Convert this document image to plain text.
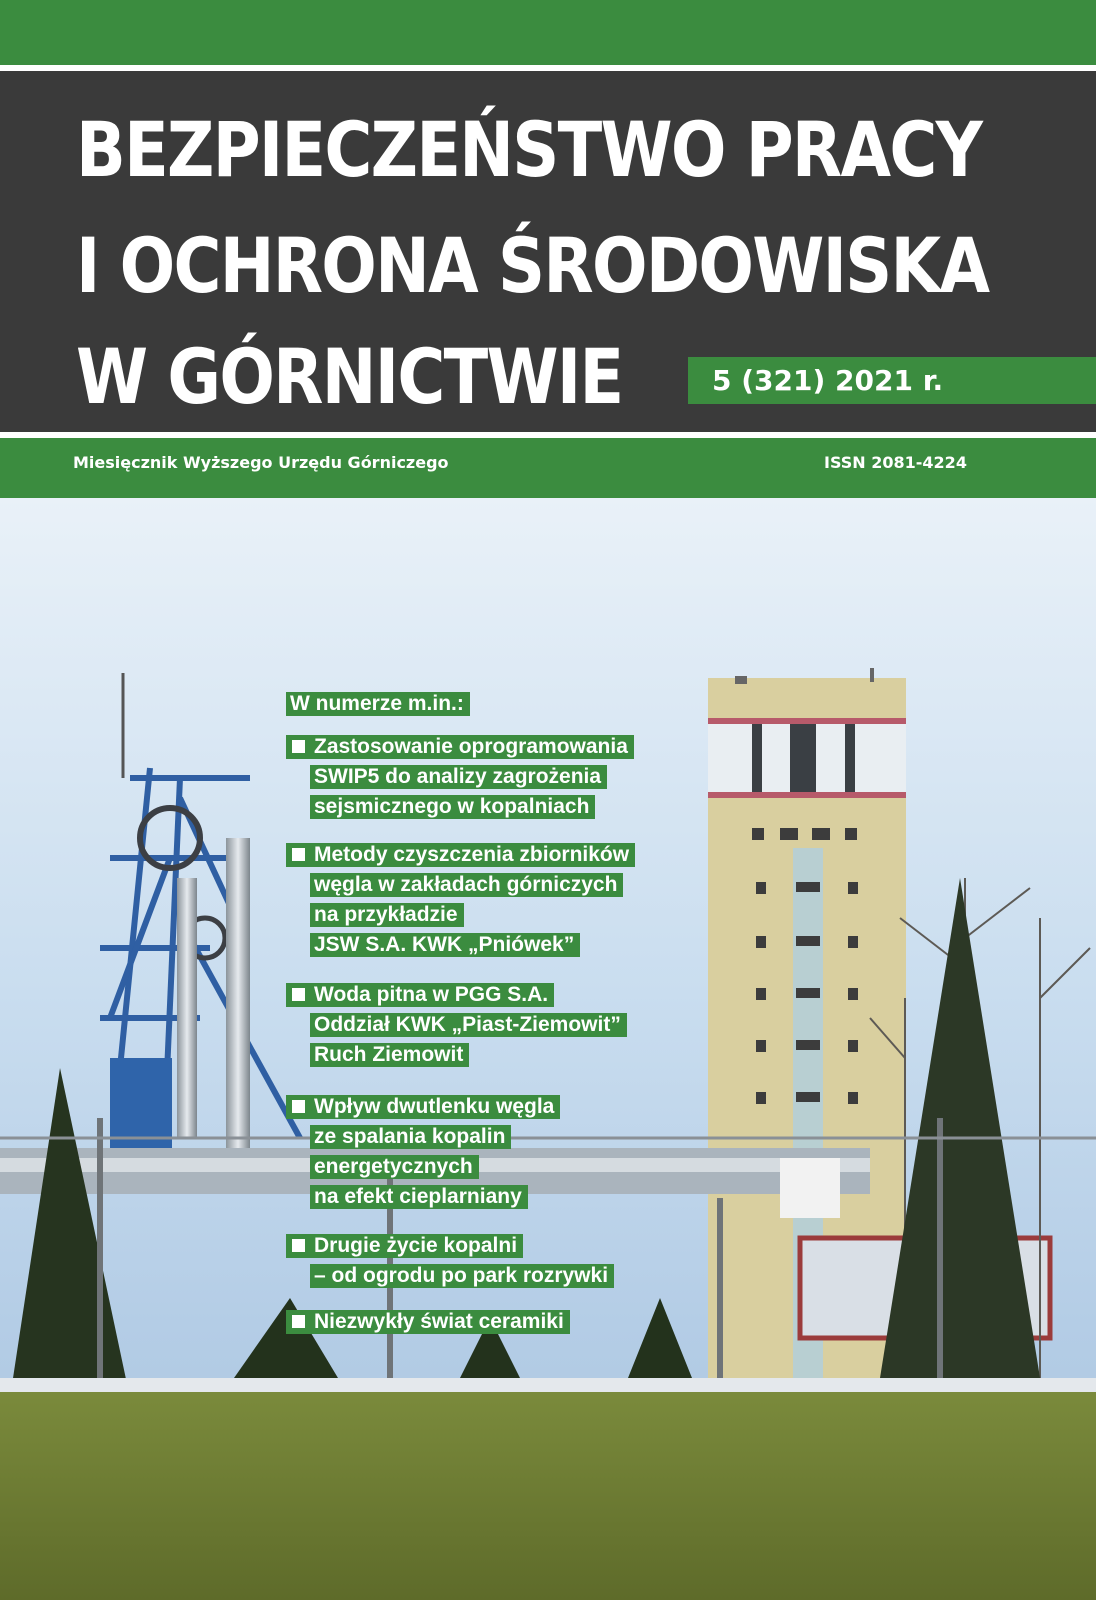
BEZPIECZEŃSTWO PRACY
I OCHRONA ŚRODOWISKA
W GÓRNICTWIE	5 (321) 2021 r.
Miesięcznik Wyższego Urzędu Górniczego	ISSN 2081-4224
W numerze m.in.:
Zastosowanie oprogramowania
SWIP5 do analizy zagrożenia
sejsmicznego w kopalniach
Metody czyszczenia zbiorników
węgla w zakładach górniczych
na przykładzie
JSW S.A. KWK „Pniówek”
Woda pitna w PGG S.A.
Oddział KWK „Piast-Ziemowit”
Ruch Ziemowit
Wpływ dwutlenku węgla
ze spalania kopalin
energetycznych
na efekt cieplarniany
Drugie życie kopalni
– od ogrodu po park rozrywki
Niezwykły świat ceramiki
